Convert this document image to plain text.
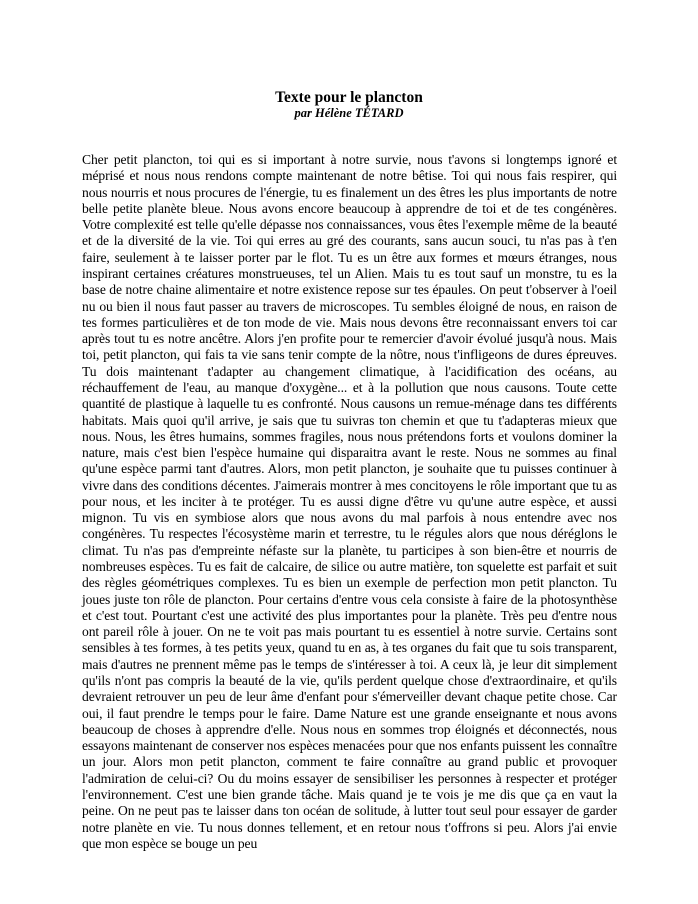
Texte pour le plancton
par Hélène TÉTARD
Cher petit plancton, toi qui es si important à notre survie, nous t'avons si longtemps ignoré et méprisé et nous nous rendons compte maintenant de notre bêtise. Toi qui nous fais respirer, qui nous nourris et nous procures de l'énergie, tu es finalement un des êtres les plus importants de notre belle petite planète bleue. Nous avons encore beaucoup à apprendre de toi et de tes congénères. Votre complexité est telle qu'elle dépasse nos connaissances, vous êtes l'exemple même de la beauté et de la diversité de la vie. Toi qui erres au gré des courants, sans aucun souci, tu n'as pas à t'en faire, seulement à te laisser porter par le flot. Tu es un être aux formes et mœurs étranges, nous inspirant certaines créatures monstrueuses, tel un Alien. Mais tu es tout sauf un monstre, tu es la base de notre chaine alimentaire et notre existence repose sur tes épaules. On peut t'observer à l'oeil nu ou bien il nous faut passer au travers de microscopes. Tu sembles éloigné de nous, en raison de tes formes particulières et de ton mode de vie. Mais nous devons être reconnaissant envers toi car après tout tu es notre ancêtre. Alors j'en profite pour te remercier d'avoir évolué jusqu'à nous. Mais toi, petit plancton, qui fais ta vie sans tenir compte de la nôtre, nous t'infligeons de dures épreuves. Tu dois maintenant t'adapter au changement climatique, à l'acidification des océans, au réchauffement de l'eau, au manque d'oxygène... et à la pollution que nous causons. Toute cette quantité de plastique à laquelle tu es confronté. Nous causons un remue-ménage dans tes différents habitats. Mais quoi qu'il arrive, je sais que tu suivras ton chemin et que tu t'adapteras mieux que nous. Nous, les êtres humains, sommes fragiles, nous nous prétendons forts et voulons dominer la nature, mais c'est bien l'espèce humaine qui disparaitra avant le reste. Nous ne sommes au final qu'une espèce parmi tant d'autres. Alors, mon petit plancton, je souhaite que tu puisses continuer à vivre dans des conditions décentes. J'aimerais montrer à mes concitoyens le rôle important que tu as pour nous, et les inciter à te protéger. Tu es aussi digne d'être vu qu'une autre espèce, et aussi mignon. Tu vis en symbiose alors que nous avons du mal parfois à nous entendre avec nos congénères. Tu respectes l'écosystème marin et terrestre, tu le régules alors que nous déréglons le climat. Tu n'as pas d'empreinte néfaste sur la planète, tu participes à son bien-être et nourris de nombreuses espèces. Tu es fait de calcaire, de silice ou autre matière, ton squelette est parfait et suit des règles géométriques complexes. Tu es bien un exemple de perfection mon petit plancton. Tu joues juste ton rôle de plancton. Pour certains d'entre vous cela consiste à faire de la photosynthèse et c'est tout. Pourtant c'est une activité des plus importantes pour la planète. Très peu d'entre nous ont pareil rôle à jouer. On ne te voit pas mais pourtant tu es essentiel à notre survie. Certains sont sensibles à tes formes, à tes petits yeux, quand tu en as, à tes organes du fait que tu sois transparent, mais d'autres ne prennent même pas le temps de s'intéresser à toi. A ceux là, je leur dit simplement qu'ils n'ont pas compris la beauté de la vie, qu'ils perdent quelque chose d'extraordinaire, et qu'ils devraient retrouver un peu de leur âme d'enfant pour s'émerveiller devant chaque petite chose. Car oui, il faut prendre le temps pour le faire. Dame Nature est une grande enseignante et nous avons beaucoup de choses à apprendre d'elle. Nous nous en sommes trop éloignés et déconnectés, nous essayons maintenant de conserver nos espèces menacées pour que nos enfants puissent les connaître un jour. Alors mon petit plancton, comment te faire connaître au grand public et provoquer l'admiration de celui-ci? Ou du moins essayer de sensibiliser les personnes à respecter et protéger l'environnement. C'est une bien grande tâche. Mais quand je te vois je me dis que ça en vaut la peine. On ne peut pas te laisser dans ton océan de solitude, à lutter tout seul pour essayer de garder notre planète en vie. Tu nous donnes tellement, et en retour nous t'offrons si peu. Alors j'ai envie que mon espèce se bouge un peu
